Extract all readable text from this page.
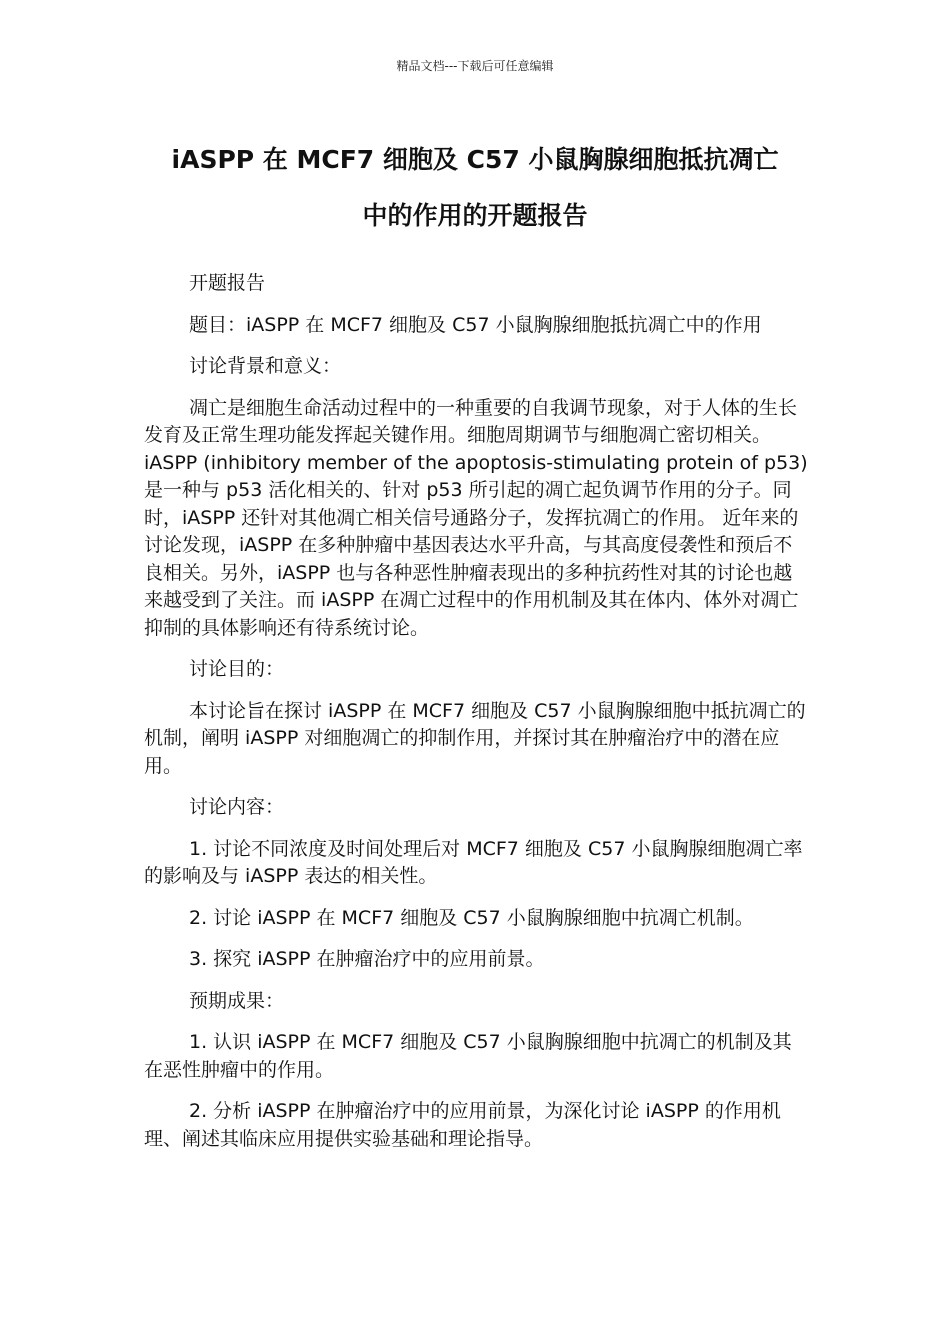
精品文档---下载后可任意编辑
iASPP 在 MCF7 细胞及 C57 小鼠胸腺细胞抵抗凋亡
中的作用的开题报告

开题报告

题目：iASPP 在 MCF7 细胞及 C57 小鼠胸腺细胞抵抗凋亡中的作用

讨论背景和意义：

凋亡是细胞生命活动过程中的一种重要的自我调节现象，对于人体的生长发育及正常生理功能发挥起关键作用。细胞周期调节与细胞凋亡密切相关。iASPP (inhibitory member of the apoptosis-stimulating protein of p53)是一种与 p53 活化相关的、针对 p53 所引起的凋亡起负调节作用的分子。同时，iASPP 还针对其他凋亡相关信号通路分子，发挥抗凋亡的作用。 近年来的讨论发现，iASPP 在多种肿瘤中基因表达水平升高，与其高度侵袭性和预后不良相关。另外，iASPP 也与各种恶性肿瘤表现出的多种抗药性对其的讨论也越来越受到了关注。而 iASPP 在凋亡过程中的作用机制及其在体内、体外对凋亡抑制的具体影响还有待系统讨论。

讨论目的：

本讨论旨在探讨 iASPP 在 MCF7 细胞及 C57 小鼠胸腺细胞中抵抗凋亡的机制，阐明 iASPP 对细胞凋亡的抑制作用，并探讨其在肿瘤治疗中的潜在应用。

讨论内容：

1. 讨论不同浓度及时间处理后对 MCF7 细胞及 C57 小鼠胸腺细胞凋亡率的影响及与 iASPP 表达的相关性。

2. 讨论 iASPP 在 MCF7 细胞及 C57 小鼠胸腺细胞中抗凋亡机制。

3. 探究 iASPP 在肿瘤治疗中的应用前景。

预期成果：

1. 认识 iASPP 在 MCF7 细胞及 C57 小鼠胸腺细胞中抗凋亡的机制及其在恶性肿瘤中的作用。

2. 分析 iASPP 在肿瘤治疗中的应用前景，为深化讨论 iASPP 的作用机理、阐述其临床应用提供实验基础和理论指导。
